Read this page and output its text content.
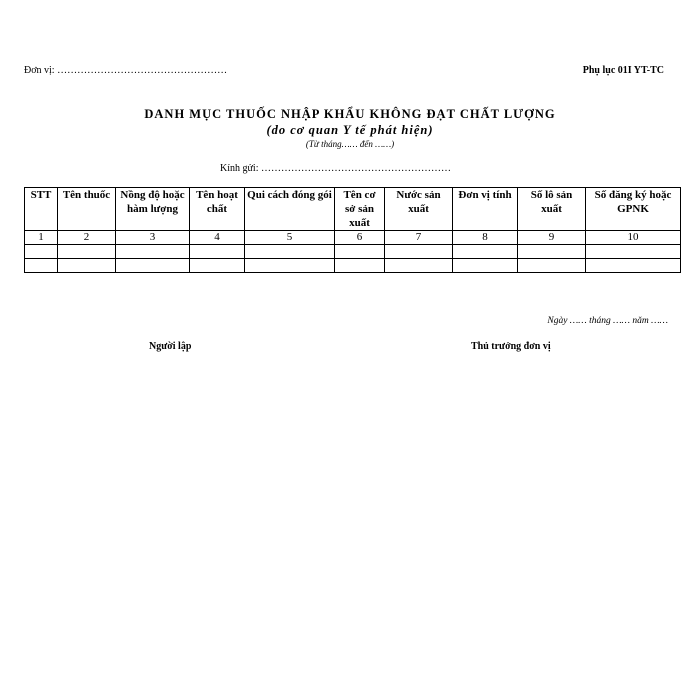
Đơn vị: ……………………………………………	Phụ lục 01I YT-TC
DANH MỤC THUỐC NHẬP KHẨU KHÔNG ĐẠT CHẤT LƯỢNG
(do cơ quan Y tế phát hiện)
(Từ tháng…… đến ……)
Kính gửi: …………………………………………………
STT	Tên thuốc	Nồng độ hoặc hàm lượng	Tên hoạt chất	Qui cách đóng gói	Tên cơ sở sản xuất	Nước sản xuất	Đơn vị tính	Số lô sản xuất	Số đăng ký hoặc GPNK
1	2	3	4	5	6	7	8	9	10

Ngày …… tháng …… năm ……
Người lập	Thủ trưởng đơn vị
